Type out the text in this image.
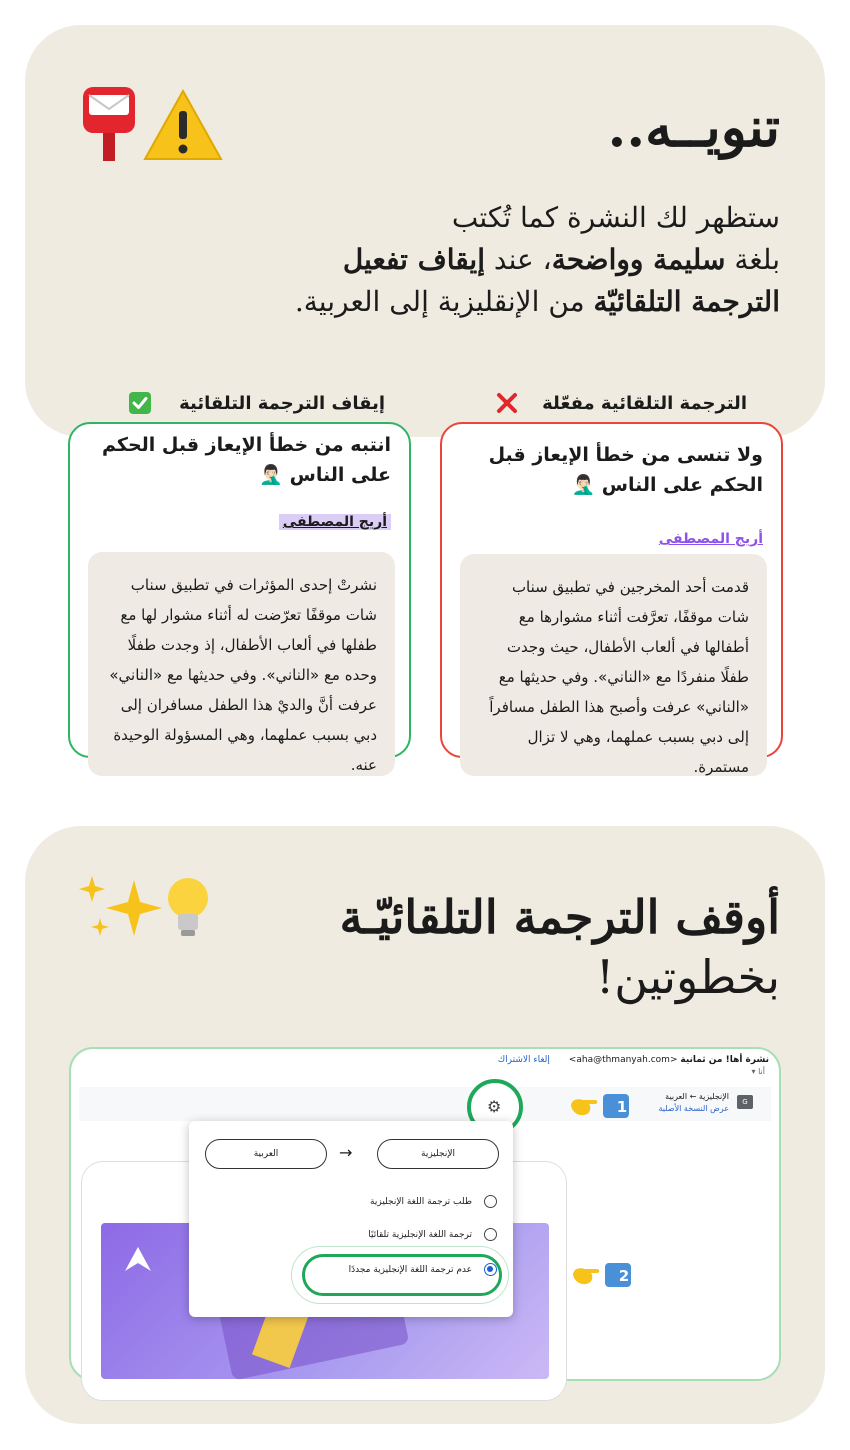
تنويــه..
ستظهر لك النشرة كما تُكتب
بلغة سليمة وواضحة، عند إيقاف تفعيل
الترجمة التلقائيّة من الإنقليزية إلى العربية.
الترجمة التلقائية مفعّلة
إيقاف الترجمة التلقائية
ولا تنسى من خطأ الإيعاز قبل الحكم على الناس 🤦🏻‍♂️
أريج المصطفى
قدمت أحد المخرجين في تطبيق سناب شات موقفًا، تعرَّفت أثناء مشوارها مع أطفالها في ألعاب الأطفال، حيث وجدت طفلًا منفردًا مع «الناني». وفي حديثها مع «الناني» عرفت وأصبح هذا الطفل مسافراً إلى دبي بسبب عملهما، وهي لا تزال مستمرة.
انتبه من خطأ الإيعاز قبل الحكم على الناس 🤦🏻‍♂️
أريج المصطفى
نشرتْ إحدى المؤثرات في تطبيق سناب شات موقفًا تعرّضت له أثناء مشوار لها مع طفلها في ألعاب الأطفال، إذ وجدت طفلًا وحده مع «الناني». وفي حديثها مع «الناني» عرفت أنَّ والديْ هذا الطفل مسافران إلى دبي بسبب عملهما، وهي المسؤولة الوحيدة عنه.
أوقف الترجمة التلقائيّـة
بخطوتين!
نشرة أها! من ثمانية <aha@thmanyah.com> إلغاء الاشتراك
أنا ▾
G
الإنجليزية ← العربية
عرض النسخة الأصلية
⚙	1
2
الإنجليزية
→
العربية
طلب ترجمة اللغة الإنجليزية
ترجمة اللغة الإنجليزية تلقائيًا
عدم ترجمة اللغة الإنجليزية مجددًا
